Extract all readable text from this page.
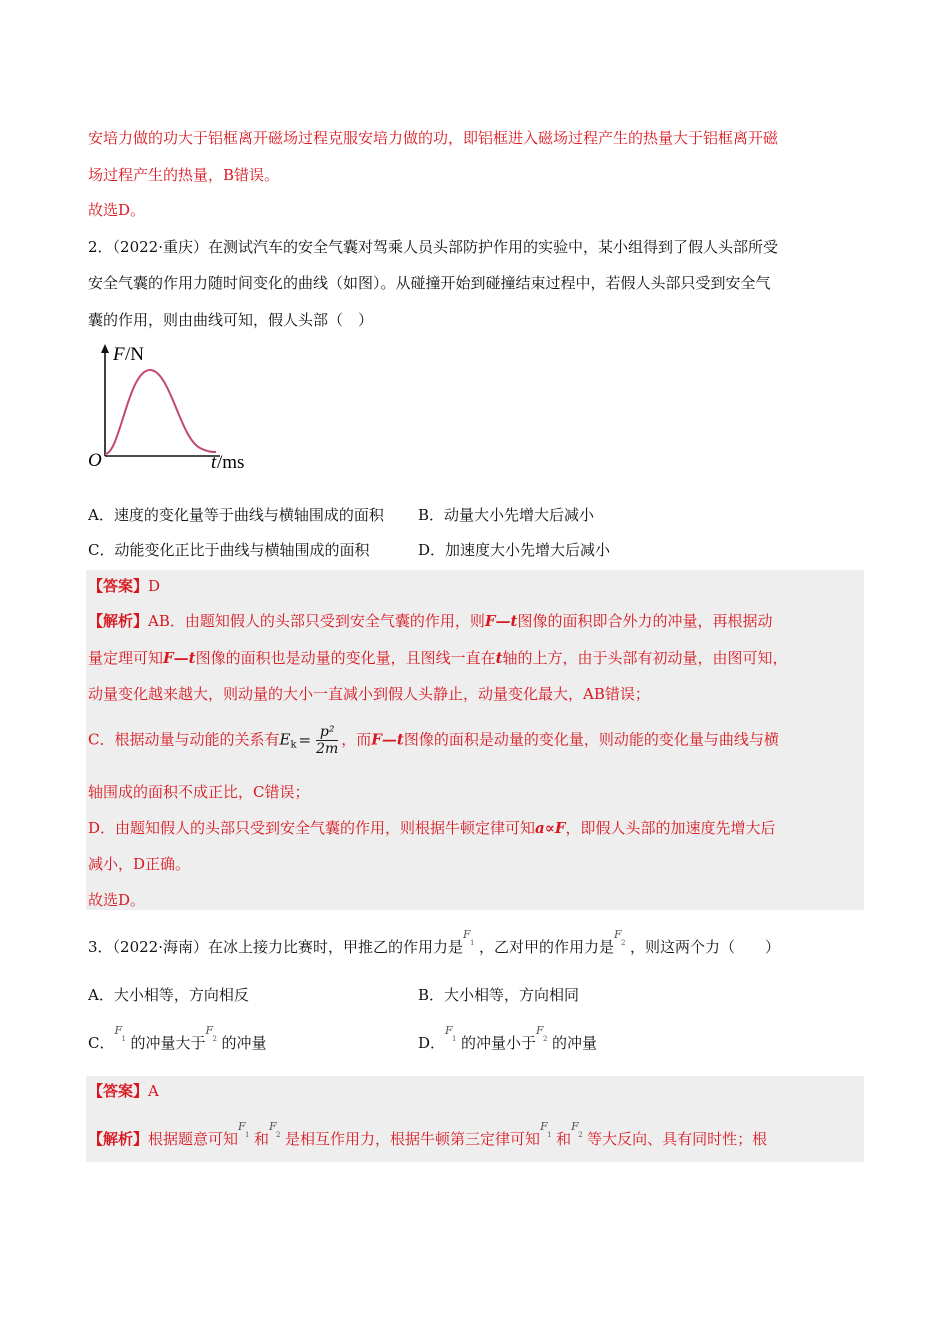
安培力做的功大于铝框离开磁场过程克服安培力做的功，即铝框进入磁场过程产生的热量大于铝框离开磁
场过程产生的热量，B错误。
故选D。
2．（2022·重庆）在测试汽车的安全气囊对驾乘人员头部防护作用的实验中，某小组得到了假人头部所受
安全气囊的作用力随时间变化的曲线（如图）。从碰撞开始到碰撞结束过程中，若假人头部只受到安全气
囊的作用，则由曲线可知，假人头部（　）
F /N
O	t /ms
A．速度的变化量等于曲线与横轴围成的面积 B．动量大小先增大后减小
C．动能变化正比于曲线与横轴围成的面积	D．加速度大小先增大后减小
【答案】D
【解析】AB．由题知假人的头部只受到安全气囊的作用，则F—t图像的面积即合外力的冲量，再根据动
量定理可知F—t图像的面积也是动量的变化量，且图线一直在t轴的上方，由于头部有初动量，由图可知，
动量变化越来越大，则动量的大小一直减小到假人头静止，动量变化最大，AB错误；
C．根据动量与动能的关系有$E_k = \frac{\text{p²}}{2m}$ ，而F—t图像的面积是动量的变化量，则动能的变化量与曲线与横
轴围成的面积不成正比，C错误；
D．由题知假人的头部只受到安全气囊的作用，则根据牛顿定律可知a∝F，即假人头部的加速度先增大后
减小，D正确。
故选D。
3．（2022·海南）在冰上接力比赛时，甲推乙的作用力是
F
1 ，乙对甲的作用力是
F
2 ，则这两个力（　　）
A．大小相等，方向相反	B．大小相等，方向相同
C．
F
1 的冲量大于
F
2 的冲量	D．
F
1 的冲量小于
F
2 的冲量
【答案】A
【解析】根据题意可知
F
1 和
F
2 是相互作用力，根据牛顿第三定律可知
F
1 和
F
2 等大反向、具有同时性；根
